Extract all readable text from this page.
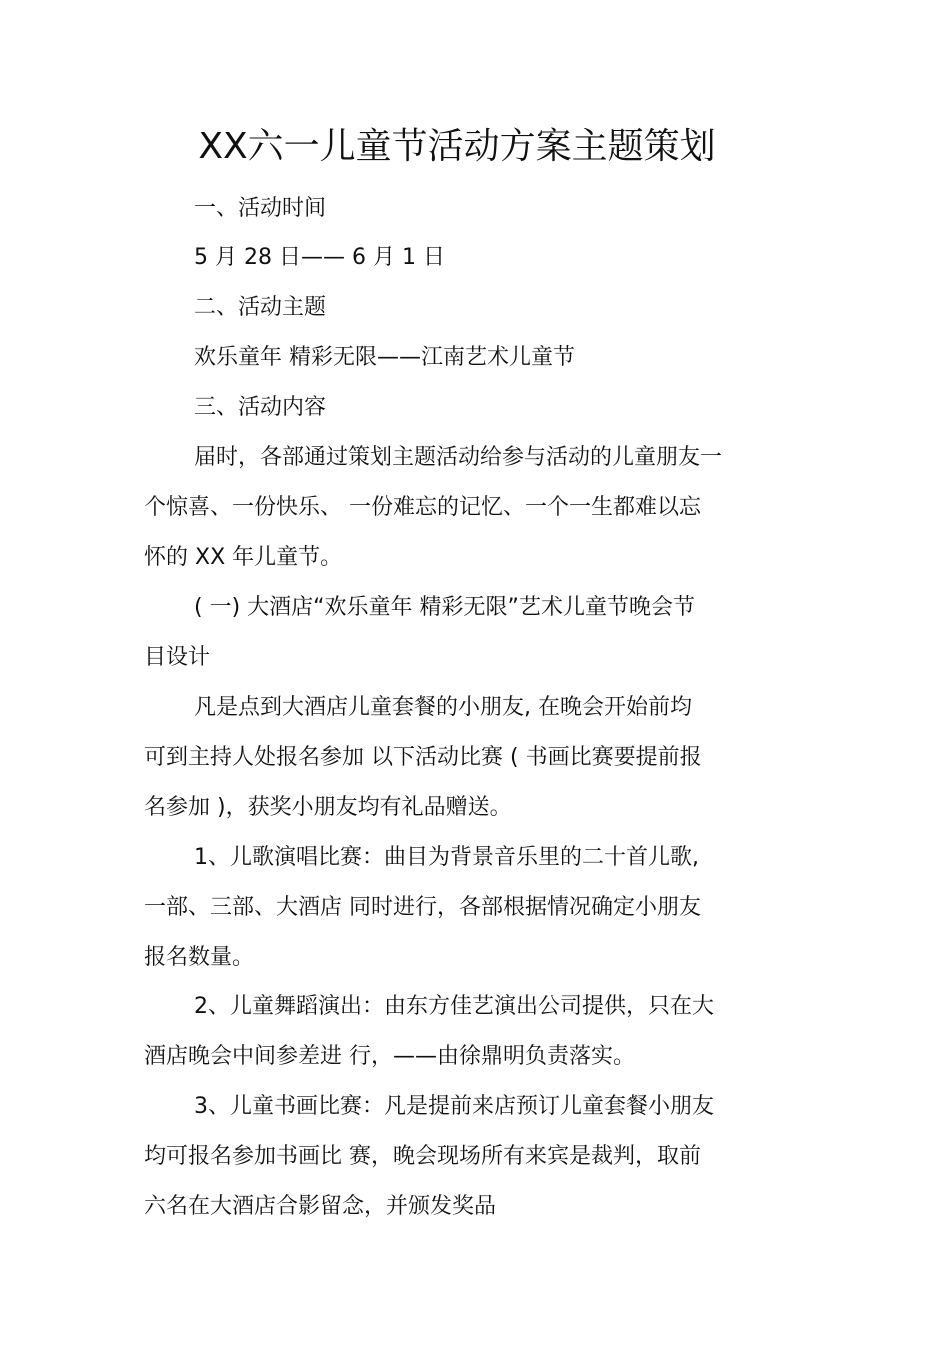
XX六一儿童节活动方案主题策划
一、活动时间
5 月 28 日—— 6 月 1 日
二、活动主题
欢乐童年 精彩无限——江南艺术儿童节
三、活动内容
届时，各部通过策划主题活动给参与活动的儿童朋友一
个惊喜、一份快乐、 一份难忘的记忆、一个一生都难以忘
怀的 XX 年儿童节。
( 一) 大酒店“欢乐童年 精彩无限”艺术儿童节晚会节
目设计
凡是点到大酒店儿童套餐的小朋友, 在晚会开始前均
可到主持人处报名参加 以下活动比赛 ( 书画比赛要提前报
名参加 )，获奖小朋友均有礼品赠送。
1、儿歌演唱比赛：曲目为背景音乐里的二十首儿歌,
一部、三部、大酒店 同时进行，各部根据情况确定小朋友
报名数量。
2、儿童舞蹈演出：由东方佳艺演出公司提供，只在大
酒店晚会中间参差进 行，——由徐鼎明负责落实。
3、儿童书画比赛：凡是提前来店预订儿童套餐小朋友
均可报名参加书画比 赛，晚会现场所有来宾是裁判，取前
六名在大酒店合影留念，并颁发奖品
